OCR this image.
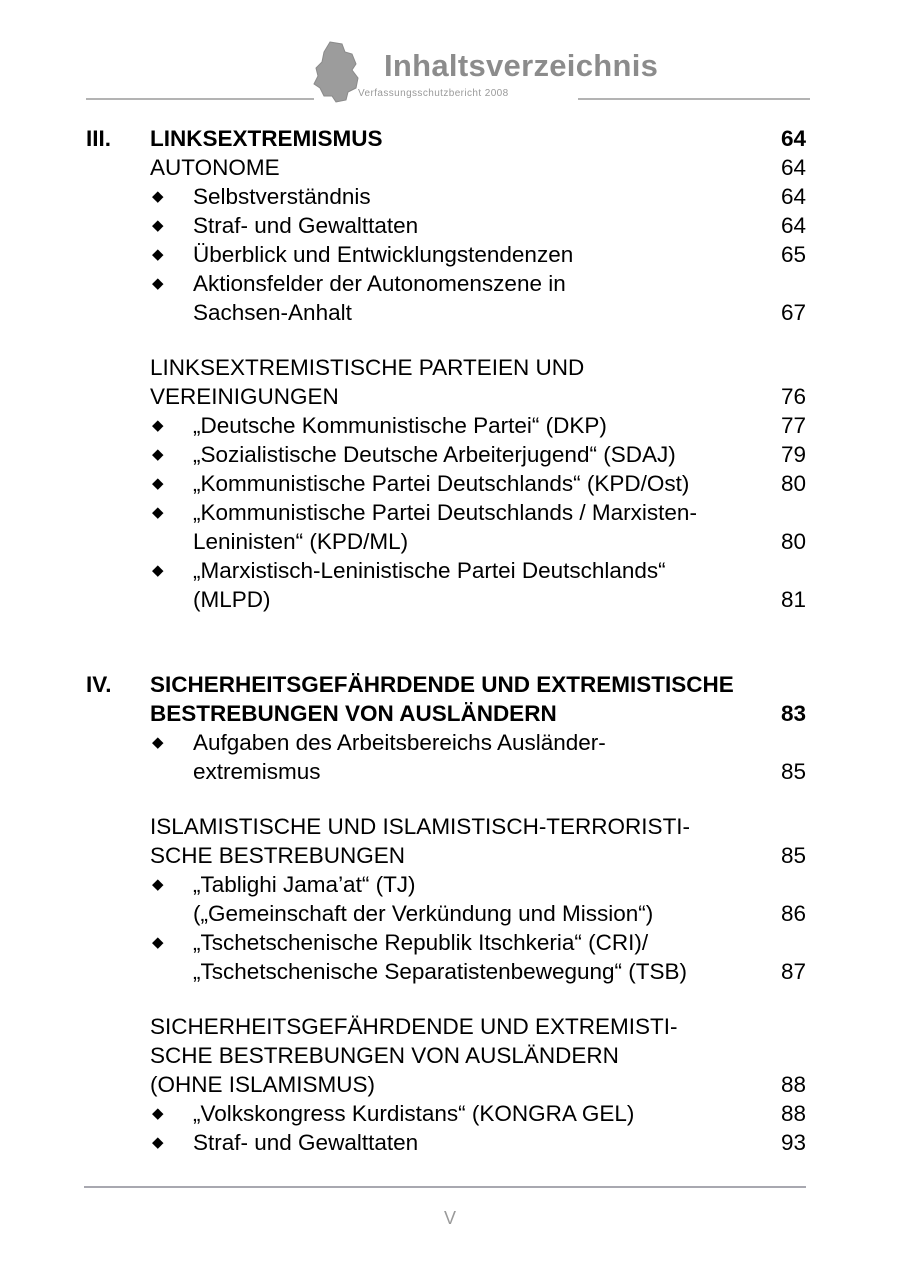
Inhaltsverzeichnis
Verfassungsschutzbericht 2008
III. LINKSEXTREMISMUS	64
AUTONOME	64
◆ Selbstverständnis	64
◆ Straf- und Gewalttaten	64
◆ Überblick und Entwicklungstendenzen	65
◆ Aktionsfelder der Autonomenszene in
Sachsen-Anhalt	67
LINKSEXTREMISTISCHE PARTEIEN UND
VEREINIGUNGEN	76
◆ „Deutsche Kommunistische Partei“ (DKP)	77
◆ „Sozialistische Deutsche Arbeiterjugend“ (SDAJ)	79
◆ „Kommunistische Partei Deutschlands“ (KPD/Ost)	80
◆ „Kommunistische Partei Deutschlands / Marxisten-
Leninisten“ (KPD/ML)	80
◆ „Marxistisch-Leninistische Partei Deutschlands“
(MLPD)	81
IV. SICHERHEITSGEFÄHRDENDE UND EXTREMISTISCHE
BESTREBUNGEN VON AUSLÄNDERN	83
◆ Aufgaben des Arbeitsbereichs Ausländer-
extremismus	85
ISLAMISTISCHE UND ISLAMISTISCH-TERRORISTI-
SCHE BESTREBUNGEN	85
◆ „Tablighi Jama’at“ (TJ)
(„Gemeinschaft der Verkündung und Mission“)	86
◆ „Tschetschenische Republik Itschkeria“ (CRI)/
„Tschetschenische Separatistenbewegung“ (TSB)	87
SICHERHEITSGEFÄHRDENDE UND EXTREMISTI-
SCHE BESTREBUNGEN VON AUSLÄNDERN
(OHNE ISLAMISMUS)	88
◆ „Volkskongress Kurdistans“ (KONGRA GEL)	88
◆ Straf- und Gewalttaten	93
V
